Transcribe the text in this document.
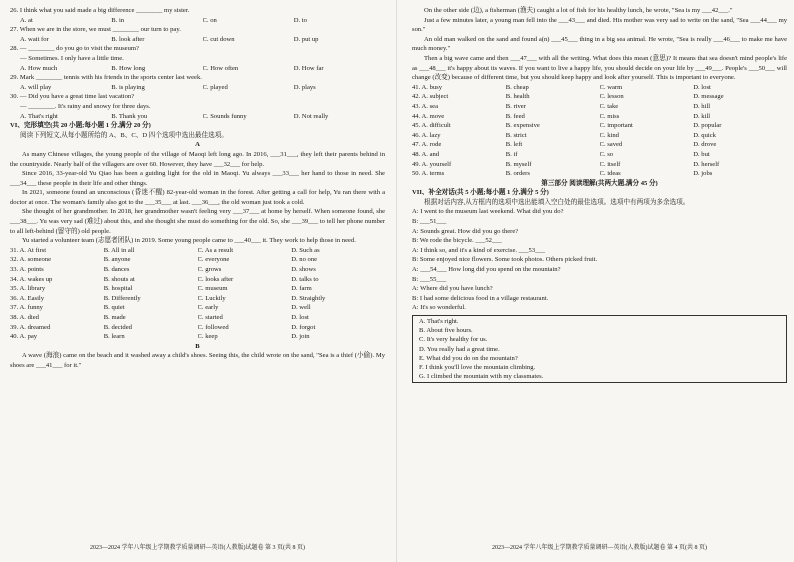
26. I think what you said made a big difference ________ my sister.
A. at	B. in	C. on	D. to
27. When we are in the store, we must ________ our turn to pay.
A. wait for	B. look after	C. cut down	D. put up
28. — ________ do you go to visit the museum?
— Sometimes. I only have a little time.
A. How much	B. How long	C. How often	D. How far
29. Mark ________ tennis with his friends in the sports center last week.
A. will play	B. is playing	C. played	D. plays
30. — Did you have a great time last vacation?
— ________. It's rainy and snowy for three days.
A. That's right	B. Thank you	C. Sounds funny	D. Not really
VI、完形填空(共 20 小题;每小题 1 分,满分 20 分)
阅读下列短文,从每小题所给的 A、B、C、D 四个选项中选出最佳选项。
A

As many Chinese villages, the young people of the village of Maoqi left long ago. In 2016, ___31___, they left their parents behind in the countryside. Nearly half of the villagers are over 60. However, they have ___32___ for help.

Since 2016, 33-year-old Yu Qiao has been a guiding light for the old in Maoqi. Yu always ___33___ her hand to those in need. She ___34___ these people in their life and other things.

In 2021, someone found an unconscious (昏迷不醒) 82-year-old woman in the forest. After getting a call for help, Yu ran there with a doctor at once. The woman's family also got to the ___35___ at last. ___36___, the old woman just took a cold.

She thought of her grandmother. In 2018, her grandmother wasn't feeling very ___37___ at home by herself. When someone found, she ___38___. Yu was very sad (难过) about this, and she thought she must do something for the old. So, she ___39___ to tell her phone number to all left-behind (留守的) old people.

Yu started a volunteer team (志愿者团队) in 2019. Some young people came to ___40___ it. They work to help those in need.

31. A. At first	B. All in all	C. As a result	D. Such as
32. A. someone	B. anyone	C. everyone	D. no one
33. A. points	B. dances	C. grows	D. shows
34. A. wakes up	B. shouts at	C. looks after	D. talks to
35. A. library	B. hospital	C. museum	D. farm
36. A. Easily	B. Differently	C. Luckily	D. Straightly
37. A. funny	B. quiet	C. early	D. well
38. A. died	B. made	C. started	D. lost
39. A. dreamed	B. decided	C. followed	D. forgot
40. A. pay	B. learn	C. keep	D. join
B

A wave (海浪) came on the beach and it washed away a child's shoes. Seeing this, the child wrote on the sand, "Sea is a thief (小偷). My shoes are ___41___ for it."

2023—2024 学年八年级上学期教学质量调研—英语(人教版)试题卷 第 3 页(共 8 页)

On the other side (边), a fisherman (渔夫) caught a lot of fish for his healthy lunch, he wrote, "Sea is my ___42___."

Just a few minutes later, a young man fell into the ___43___ and died. His mother was very sad to write on the sand, "Sea ___44___ my son."

An old man walked on the sand and found a(n) ___45___ thing in a big sea animal. He wrote, "Sea is really ___46___ to make me have much money."

Then a big wave came and then ___47___ with all the writing. What does this mean (意思)? It means that sea doesn't mind people's life as ___48___ it's happy about its waves. If you want to live a happy life, you should decide on your life by ___49___. People's ___50___ will change (改变) because of different time, but you should keep happy and look after yourself. This is important to everyone.

41. A. busy	B. cheap	C. warm	D. lost
42. A. subject	B. health	C. lesson	D. message
43. A. sea	B. river	C. take	D. hill
44. A. move	B. feed	C. miss	D. kill
45. A. difficult	B. expensive	C. important	D. popular
46. A. lazy	B. strict	C. kind	D. quick
47. A. rode	B. left	C. saved	D. drove
48. A. and	B. if	C. so	D. but
49. A. yourself	B. myself	C. itself	D. herself
50. A. terms	B. orders	C. ideas	D. jobs
第三部分 阅读理解(共两大题,满分 45 分)
VII、补全对话(共 5 小题;每小题 1 分,满分 5 分)

根据对话内容,从方框内的选项中选出能填入空白处的最佳选项。选项中有两项为多余选项。

A: I went to the museum last weekend. What did you do?
B: ___51___
A: Sounds great. How did you go there?
B: We rode the bicycle. ___52___
A: I think so, and it's a kind of exercise. ___53___
B: Some enjoyed nice flowers. Some took photos. Others picked fruit.
A: ___54___ How long did you spend on the mountain?
B: ___55___
A: Where did you have lunch?
B: I had some delicious food in a village restaurant.
A: It's so wonderful.
A. That's right.
B. About five hours.
C. It's very healthy for us.
D. You really had a great time.
E. What did you do on the mountain?
F. I think you'll love the mountain climbing.
G. I climbed the mountain with my classmates.
2023—2024 学年八年级上学期教学质量调研—英语(人教版)试题卷 第 4 页(共 8 页)
